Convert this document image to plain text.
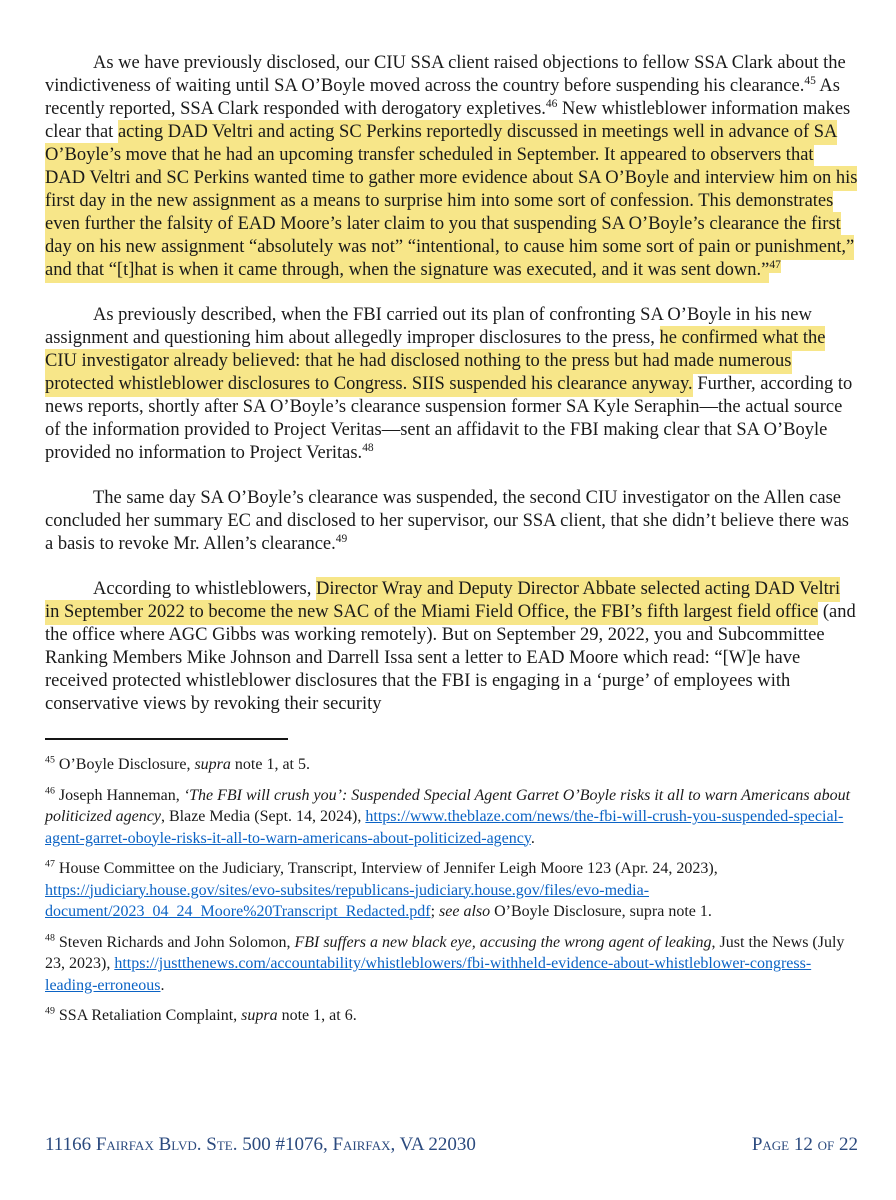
As we have previously disclosed, our CIU SSA client raised objections to fellow SSA Clark about the vindictiveness of waiting until SA O’Boyle moved across the country before suspending his clearance.$^{45}$ As recently reported, SSA Clark responded with derogatory expletives.$^{46}$ New whistleblower information makes clear that acting DAD Veltri and acting SC Perkins reportedly discussed in meetings well in advance of SA O’Boyle’s move that he had an upcoming transfer scheduled in September. It appeared to observers that DAD Veltri and SC Perkins wanted time to gather more evidence about SA O’Boyle and interview him on his first day in the new assignment as a means to surprise him into some sort of confession. This demonstrates even further the falsity of EAD Moore’s later claim to you that suspending SA O’Boyle’s clearance the first day on his new assignment “absolutely was not” “intentional, to cause him some sort of pain or punishment,” and that “[t]hat is when it came through, when the signature was executed, and it was sent down.”$^{47}$

As previously described, when the FBI carried out its plan of confronting SA O’Boyle in his new assignment and questioning him about allegedly improper disclosures to the press, he confirmed what the CIU investigator already believed: that he had disclosed nothing to the press but had made numerous protected whistleblower disclosures to Congress. SIIS suspended his clearance anyway. Further, according to news reports, shortly after SA O’Boyle’s clearance suspension former SA Kyle Seraphin—the actual source of the information provided to Project Veritas—sent an affidavit to the FBI making clear that SA O’Boyle provided no information to Project Veritas.$^{48}$

The same day SA O’Boyle’s clearance was suspended, the second CIU investigator on the Allen case concluded her summary EC and disclosed to her supervisor, our SSA client, that she didn’t believe there was a basis to revoke Mr. Allen’s clearance.$^{49}$

According to whistleblowers, Director Wray and Deputy Director Abbate selected acting DAD Veltri in September 2022 to become the new SAC of the Miami Field Office, the FBI’s fifth largest field office (and the office where AGC Gibbs was working remotely). But on September 29, 2022, you and Subcommittee Ranking Members Mike Johnson and Darrell Issa sent a letter to EAD Moore which read: “[W]e have received protected whistleblower disclosures that the FBI is engaging in a ‘purge’ of employees with conservative views by revoking their security

$^{45}$ O’Boyle Disclosure, supra note 1, at 5.

$^{46}$ Joseph Hanneman, ‘The FBI will crush you’: Suspended Special Agent Garret O’Boyle risks it all to warn Americans about politicized agency, Blaze Media (Sept. 14, 2024), https://www.theblaze.com/news/the-fbi-will-crush-you-suspended-special-agent-garret-oboyle-risks-it-all-to-warn-americans-about-politicized-agency.

$^{47}$ House Committee on the Judiciary, Transcript, Interview of Jennifer Leigh Moore 123 (Apr. 24, 2023), https://judiciary.house.gov/sites/evo-subsites/republicans-judiciary.house.gov/files/evo-media-document/2023_04_24_Moore%20Transcript_Redacted.pdf; see also O’Boyle Disclosure, supra note 1.

$^{48}$ Steven Richards and John Solomon, FBI suffers a new black eye, accusing the wrong agent of leaking, Just the News (July 23, 2023), https://justthenews.com/accountability/whistleblowers/fbi-withheld-evidence-about-whistleblower-congress-leading-erroneous.

$^{49}$ SSA Retaliation Complaint, supra note 1, at 6.

11166 Fairfax Blvd. Ste. 500 #1076, Fairfax, VA 22030	Page 12 of 22
